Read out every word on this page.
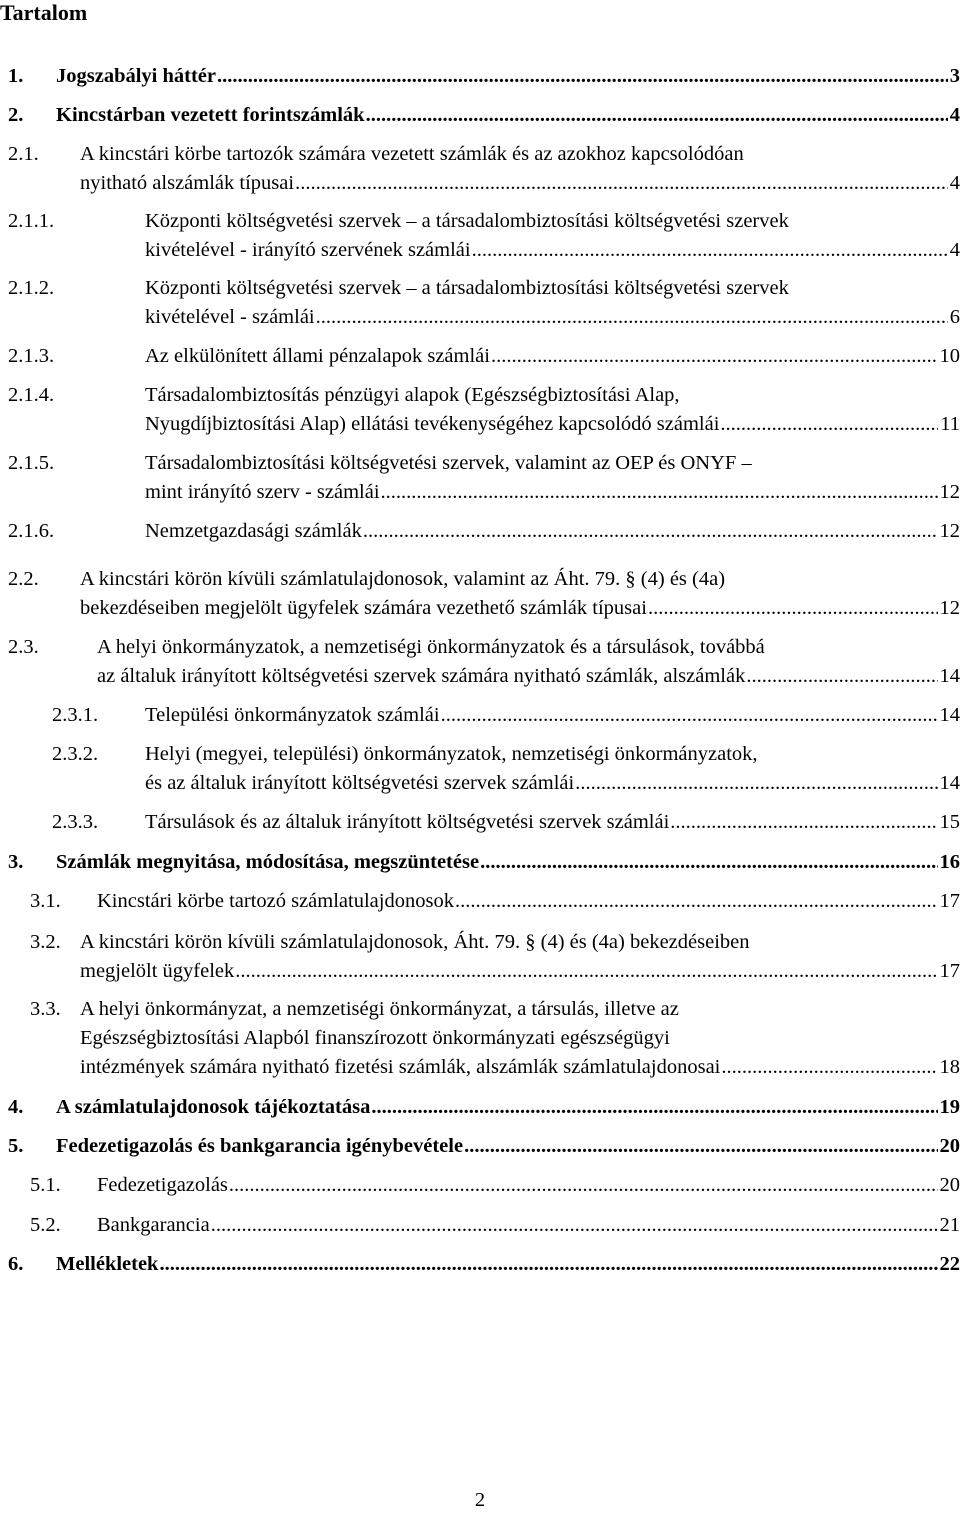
Tartalom
1. Jogszabályi háttér .....	3
2. Kincstárban vezetett forintszámlák .....	4
2.1. A kincstári körbe tartozók számára vezetett számlák és az azokhoz kapcsolódóan
nyitható alszámlák típusai .....	4
2.1.1.	Központi költségvetési szervek – a társadalombiztosítási költségvetési szervek
kivételével - irányító szervének számlái .....	4
2.1.2.	Központi költségvetési szervek – a társadalombiztosítási költségvetési szervek
kivételével - számlái .....	6
2.1.3.	Az elkülönített állami pénzalapok számlái .....	10
2.1.4.	Társadalombiztosítás pénzügyi alapok (Egészségbiztosítási Alap,
Nyugdíjbiztosítási Alap) ellátási tevékenységéhez kapcsolódó számlái .....	11
2.1.5.	Társadalombiztosítási költségvetési szervek, valamint az OEP és ONYF –
mint irányító szerv - számlái .....	12
2.1.6.	Nemzetgazdasági számlák .....	12
2.2. A kincstári körön kívüli számlatulajdonosok, valamint az Áht. 79. § (4) és (4a)
bekezdéseiben megjelölt ügyfelek számára vezethető számlák típusai .....	12
2.3.	A helyi önkormányzatok, a nemzetiségi önkormányzatok és a társulások, továbbá
az általuk irányított költségvetési szervek számára nyitható számlák, alszámlák .....	14
2.3.1. Települési önkormányzatok számlái .....	14
2.3.2. Helyi (megyei, települési) önkormányzatok, nemzetiségi önkormányzatok,
és az általuk irányított költségvetési szervek számlái .....	14
2.3.3. Társulások és az általuk irányított költségvetési szervek számlái .....	15
3. Számlák megnyitása, módosítása, megszüntetése .....	16
3.1. Kincstári körbe tartozó számlatulajdonosok .....	17
3.2. A kincstári körön kívüli számlatulajdonosok, Áht. 79. § (4) és (4a) bekezdéseiben
megjelölt ügyfelek .....	17
3.3. A helyi önkormányzat, a nemzetiségi önkormányzat, a társulás, illetve az
Egészségbiztosítási Alapból finanszírozott önkormányzati egészségügyi
intézmények számára nyitható fizetési számlák, alszámlák számlatulajdonosai .....	18
4. A számlatulajdonosok tájékoztatása .....	19
5. Fedezetigazolás és bankgarancia igénybevétele .....	20
5.1. Fedezetigazolás .....	20
5.2. Bankgarancia .....	21
6. Mellékletek .....	22
2
